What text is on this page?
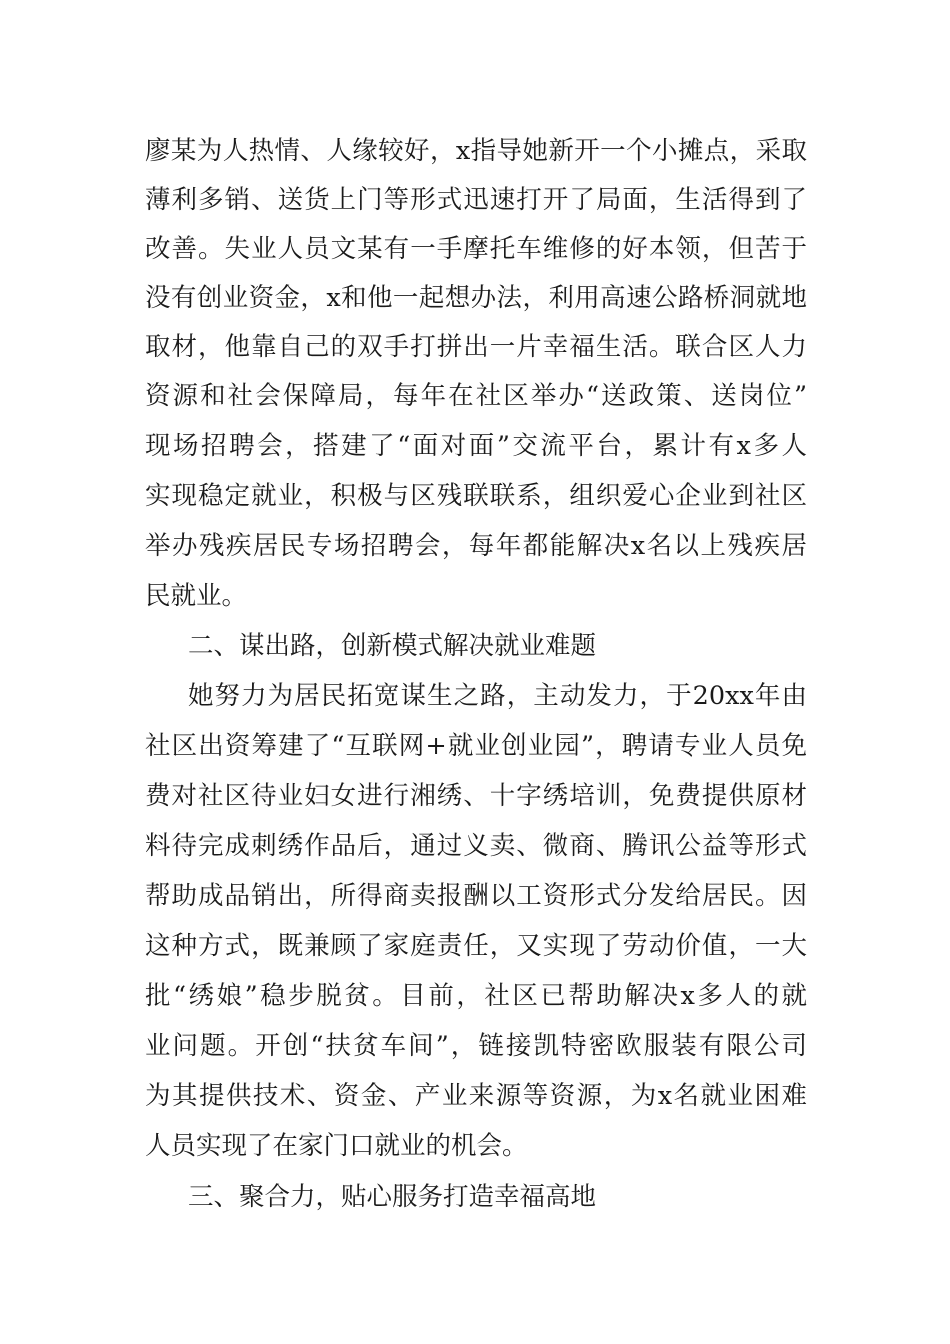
廖某为人热情、人缘较好，x指导她新开一个小摊点，采取
薄利多销、送货上门等形式迅速打开了局面，生活得到了
改善。失业人员文某有一手摩托车维修的好本领，但苦于
没有创业资金，x和他一起想办法，利用高速公路桥洞就地
取材，他靠自己的双手打拼出一片幸福生活。联合区人力
资源和社会保障局，每年在社区举办“送政策、送岗位”
现场招聘会，搭建了“面对面”交流平台，累计有x多人
实现稳定就业，积极与区残联联系，组织爱心企业到社区
举办残疾居民专场招聘会，每年都能解决x名以上残疾居
民就业。
二、谋出路，创新模式解决就业难题
她努力为居民拓宽谋生之路，主动发力，于20xx年由
社区出资筹建了“互联网+就业创业园”，聘请专业人员免
费对社区待业妇女进行湘绣、十字绣培训，免费提供原材
料待完成刺绣作品后，通过义卖、微商、腾讯公益等形式
帮助成品销出，所得商卖报酬以工资形式分发给居民。因
这种方式，既兼顾了家庭责任，又实现了劳动价值，一大
批“绣娘”稳步脱贫。目前，社区已帮助解决x多人的就
业问题。开创“扶贫车间”，链接凯特密欧服装有限公司
为其提供技术、资金、产业来源等资源，为x名就业困难
人员实现了在家门口就业的机会。
三、聚合力，贴心服务打造幸福高地
